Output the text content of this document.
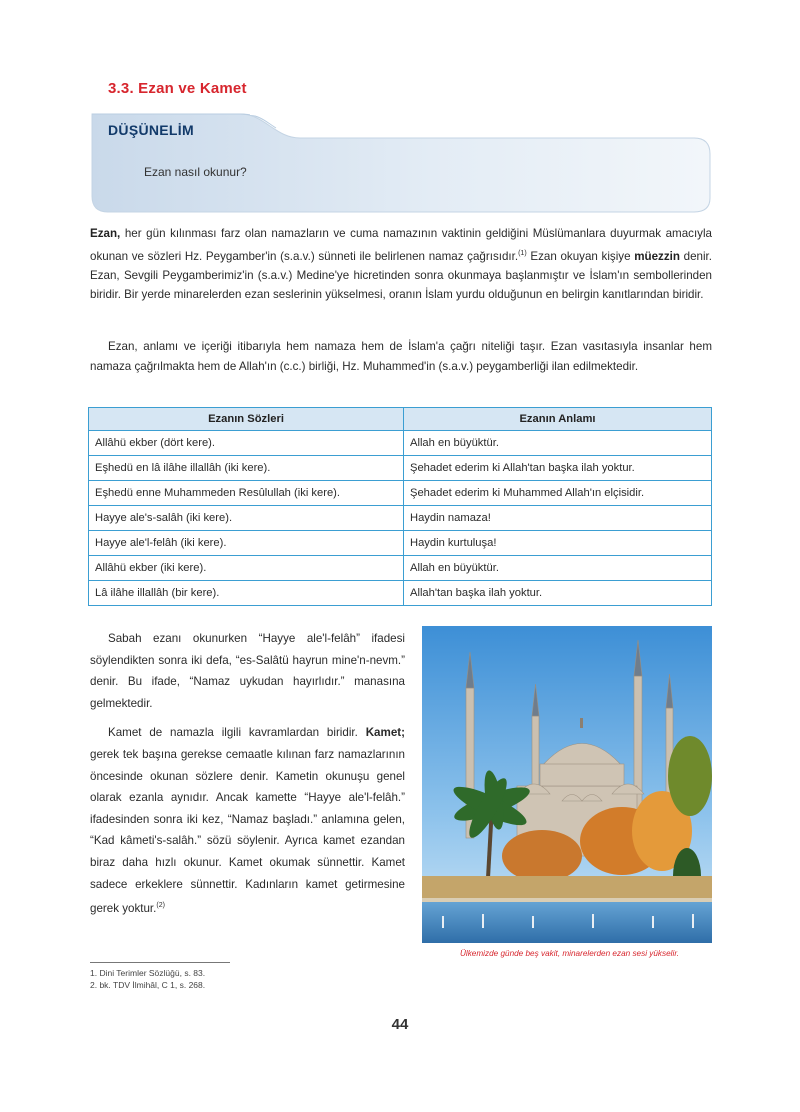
3.3. Ezan ve Kamet
DÜŞÜNELİM
Ezan nasıl okunur?

Ezan, her gün kılınması farz olan namazların ve cuma namazının vaktinin geldiğini Müslümanlara duyurmak amacıyla okunan ve sözleri Hz. Peygamber'in (s.a.v.) sünneti ile belirlenen namaz çağrısıdır.$^{(1)}$ Ezan okuyan kişiye müezzin denir. Ezan, Sevgili Peygamberimiz'in (s.a.v.) Medine'ye hicretinden sonra okunmaya başlanmıştır ve İslam'ın sembollerinden biridir. Bir yerde minarelerden ezan seslerinin yükselmesi, oranın İslam yurdu olduğunun en belirgin kanıtlarından biridir.

Ezan, anlamı ve içeriği itibarıyla hem namaza hem de İslam'a çağrı niteliği taşır. Ezan vasıtasıyla insanlar hem namaza çağrılmakta hem de Allah'ın (c.c.) birliği, Hz. Muhammed'in (s.a.v.) peygamberliği ilan edilmektedir.

Ezanın Sözleri	Ezanın Anlamı
Allâhü ekber (dört kere).	Allah en büyüktür.
Eşhedü en lâ ilâhe illallâh (iki kere).	Şehadet ederim ki Allah'tan başka ilah yoktur.
Eşhedü enne Muhammeden Resûlullah (iki kere).	Şehadet ederim ki Muhammed Allah'ın elçisidir.
Hayye ale's-salâh (iki kere).	Haydin namaza!
Hayye ale'l-felâh (iki kere).	Haydin kurtuluşa!
Allâhü ekber (iki kere).	Allah en büyüktür.
Lâ ilâhe illallâh (bir kere).	Allah'tan başka ilah yoktur.

Sabah ezanı okunurken “Hayye ale'l-felâh” ifadesi söylendikten sonra iki defa, “es-Salâtü hayrun mine'n-nevm.” denir. Bu ifade, “Namaz uykudan hayırlıdır.” manasına gelmektedir.

Kamet de namazla ilgili kavramlardan biridir. Kamet; gerek tek başına gerekse cemaatle kılınan farz namazlarının öncesinde okunan sözlere denir. Kametin okunuşu genel olarak ezanla aynıdır. Ancak kamette “Hayye ale'l-felâh.” ifadesinden sonra iki kez, “Namaz başladı.” anlamına gelen, “Kad kâmeti's-salâh.” sözü söylenir. Ayrıca kamet ezandan biraz daha hızlı okunur. Kamet okumak sünnettir. Kamet sadece erkeklere sünnettir. Kadınların kamet getirmesine gerek yoktur.$^{(2)}$

Ülkemizde günde beş vakit, minarelerden ezan sesi yükselir.
1. Dini Terimler Sözlüğü, s. 83.
2. bk. TDV İlmihâl, C 1, s. 268.
44
